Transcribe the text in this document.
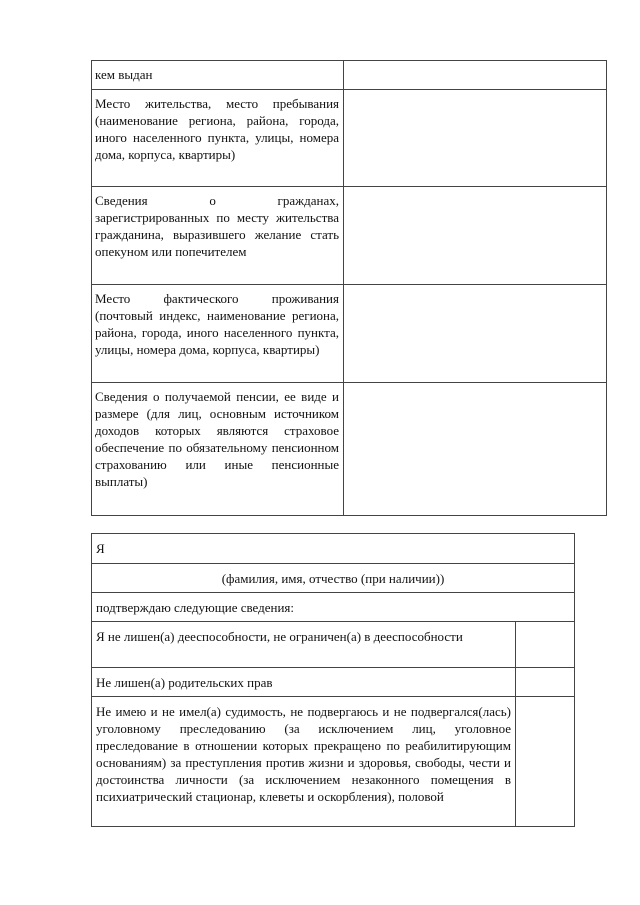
кем выдан	

Место жительства, место пребывания (наименование региона, района, города, иного населенного пункта, улицы, номера дома, корпуса, квартиры)	

Сведения о гражданах, зарегистрированных по месту жительства гражданина, выразившего желание стать опекуном или попечителем	

Место фактического проживания (почтовый индекс, наименование региона, района, города, иного населенного пункта, улицы, номера дома, корпуса, квартиры)	

Сведения о получаемой пенсии, ее виде и размере (для лиц, основным источником доходов которых являются страховое обеспечение по обязательному пенсионном страхованию или иные пенсионные выплаты)	

Я	

(фамилия, имя, отчество (при наличии))	

подтверждаю следующие сведения:	

Я не лишен(а) дееспособности, не ограничен(а) в дееспособности	

Не лишен(а) родительских прав	

Не имею и не имел(а) судимость, не подвергаюсь и не подвергался(лась) уголовному преследованию (за исключением лиц, уголовное преследование в отношении которых прекращено по реабилитирующим основаниям) за преступления против жизни и здоровья, свободы, чести и достоинства личности (за исключением незаконного помещения в психиатрический стационар, клеветы и оскорбления), половой	
